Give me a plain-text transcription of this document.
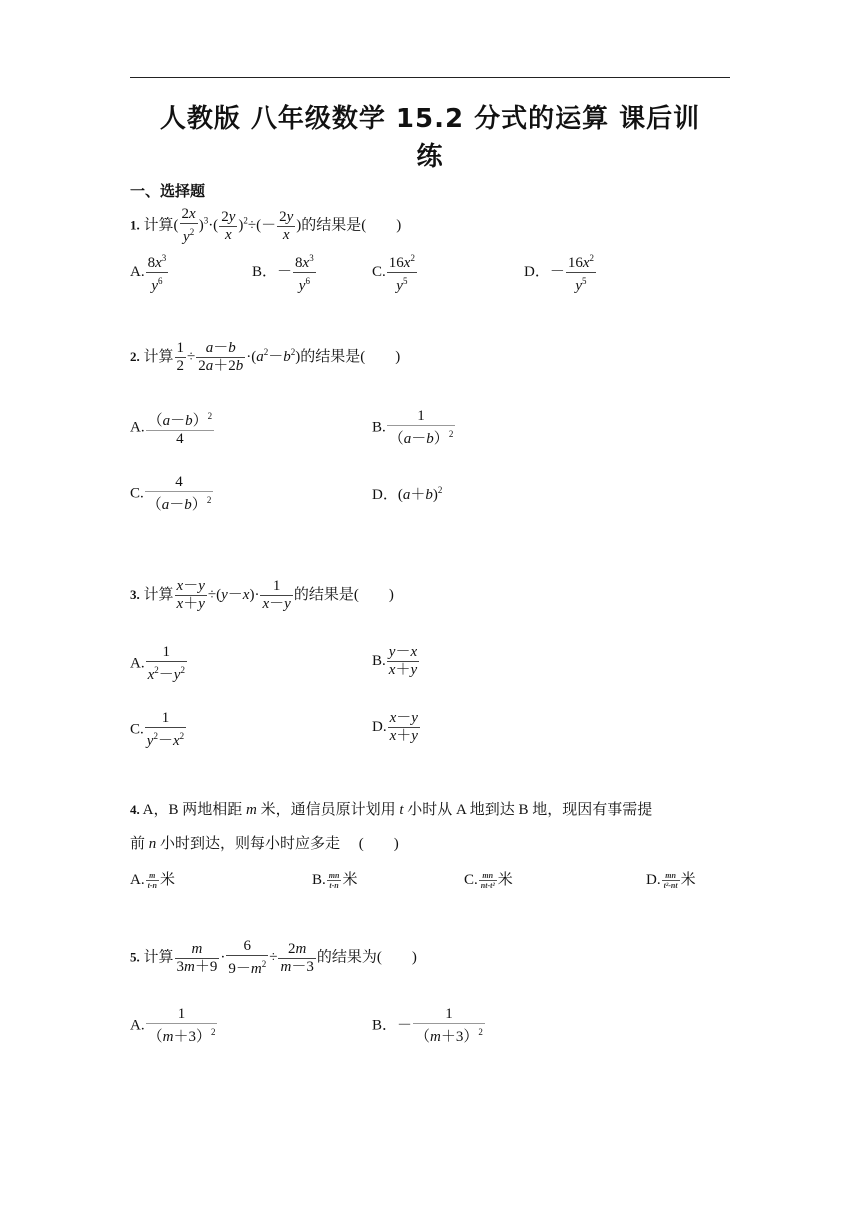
人教版 八年级数学 15.2 分式的运算 课后训
练
一、选择题
1. 计算( $\frac{2x}{y^2} )^3\cdot( \frac{2y}{x} )^2\div(- \frac{2y}{x}$ )的结果是(　　)
A. $\frac{8x^3}{y^6}$	B．－ $\frac{8x^3}{y^6}$	C. $\frac{16x^2}{y^5}$	D．－ $\frac{16x^2}{y^5}$
2. 计算 $\frac{1}{2} \div \frac{a-b}{2a+2b} \cdot(a^2-b^2)$的结果是(　　)
A. $\frac{(a-b)^2}{4}$	B. $\frac{1}{(a-b)^2}$
C. $\frac{4}{(a-b)^2}$	D．$(a+b)^2$
3. 计算 $\frac{x-y}{x+y} \div(y-x)\cdot \frac{1}{x-y}$ 的结果是(　　)
A. $\frac{1}{x^2-y^2}$	B. $\frac{y-x}{x+y}$
C. $\frac{1}{y^2-x^2}$	D. $\frac{x-y}{x+y}$
4. A，B 两地相距 m 米，通信员原计划用 t 小时从 A 地到达 B 地，现因有事需提
前 n 小时到达，则每小时应多走　 (　　)
A. $\frac{m}{t-n}$ 米	B. $\frac{mn}{t-n}$ 米	C. $\frac{mn}{\text{nt-t²}}$ 米	D. $\frac{mn}{\text{t²-nt}}$ 米
5. 计算 $\frac{m}{3m+9} \cdot \frac{6}{9-m^2} \div \frac{2m}{m-3}$ 的结果为(　　)
A. $\frac{1}{(m+3)^2}$	B．－ $\frac{1}{(m+3)^2}$
